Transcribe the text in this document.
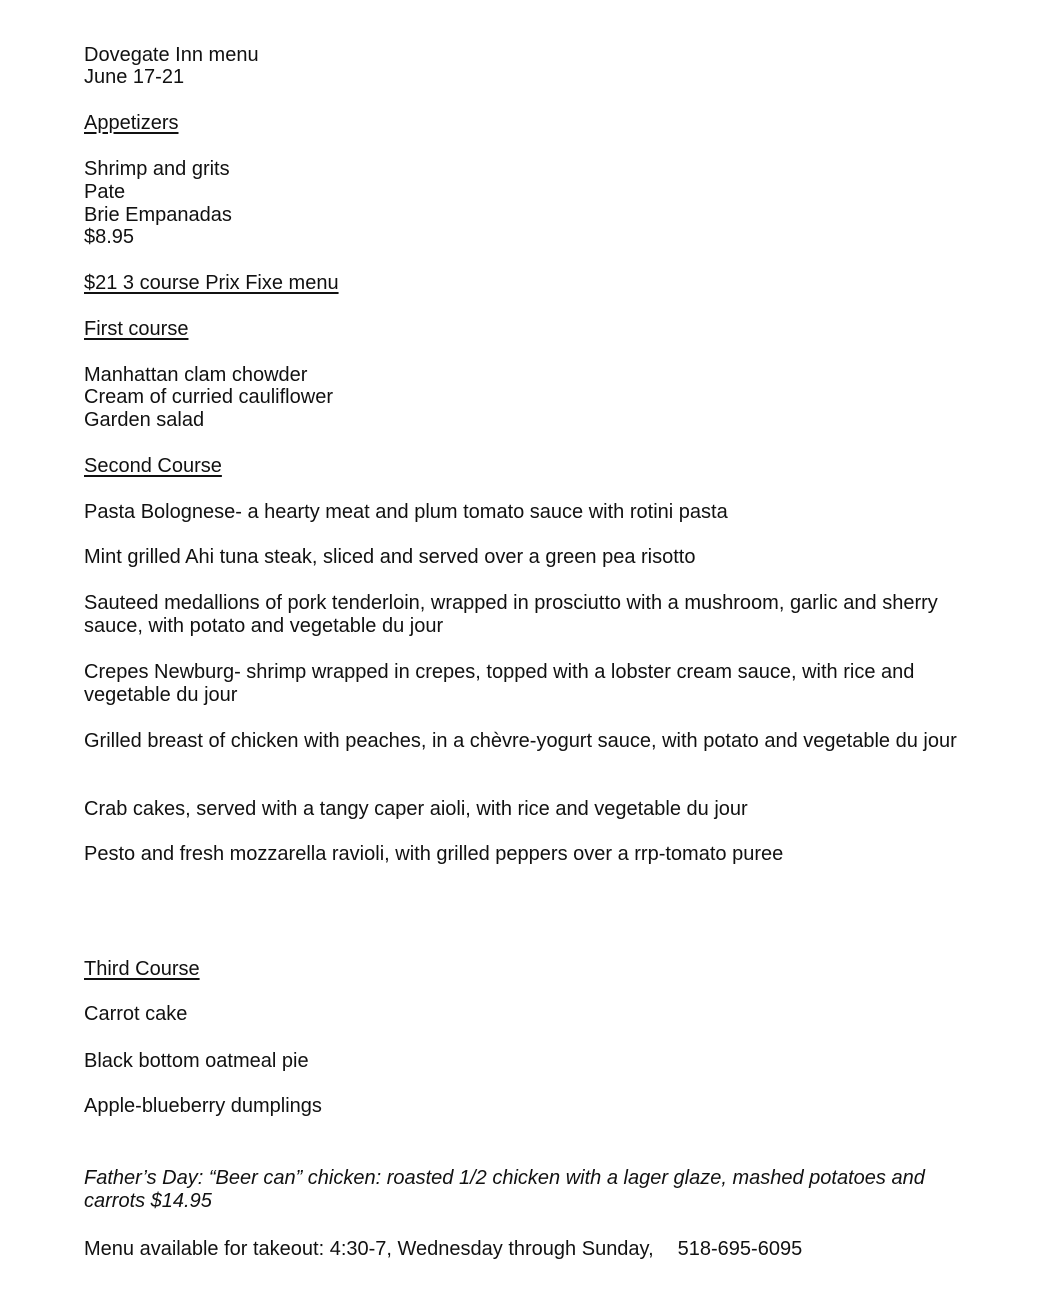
Dovegate Inn menu
June 17-21
Appetizers
Shrimp and grits
Pate
Brie Empanadas
$8.95
$21 3 course Prix Fixe menu
First course
Manhattan clam chowder
Cream of curried cauliflower
Garden salad
Second Course
Pasta Bolognese- a hearty meat and plum tomato sauce with rotini pasta
Mint grilled Ahi tuna steak, sliced and served over a green pea risotto
Sauteed medallions of pork tenderloin, wrapped in prosciutto with a mushroom, garlic and sherry sauce, with potato and vegetable du jour
Crepes Newburg- shrimp wrapped in crepes, topped with a lobster cream sauce, with rice and vegetable du jour
Grilled breast of chicken with peaches, in a chèvre-yogurt sauce, with potato and vegetable du jour
Crab cakes, served with a tangy caper aioli, with rice and vegetable du jour
Pesto and fresh mozzarella ravioli, with grilled peppers over a rrp-tomato puree
Third Course
Carrot cake
Black bottom oatmeal pie
Apple-blueberry dumplings
Father’s Day: “Beer can” chicken: roasted 1/2 chicken with a lager glaze, mashed potatoes and carrots $14.95
Menu available for takeout: 4:30-7, Wednesday through Sunday, 518-695-6095
